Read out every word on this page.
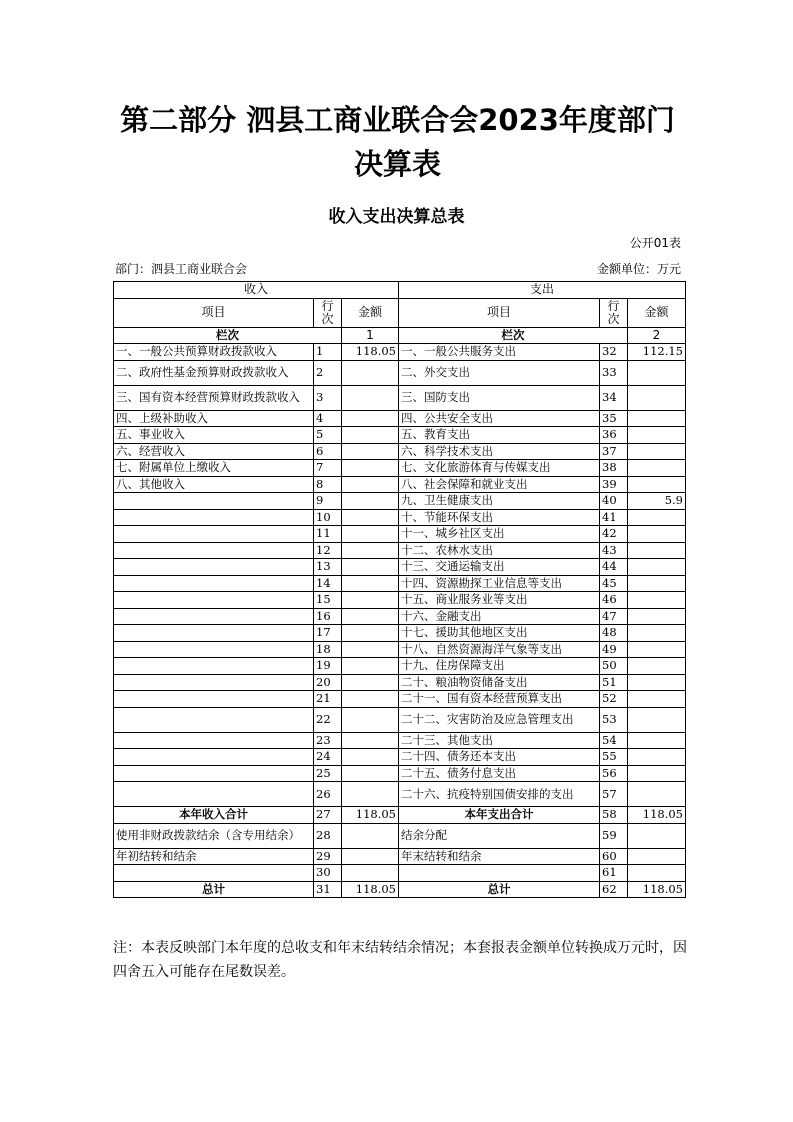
第二部分 泗县工商业联合会2023年度部门决算表
收入支出决算总表
公开01表
部门：泗县工商业联合会	金额单位：万元
收入			支出		
项目	行次	金额	项目	行次	金额
栏次		1	栏次		2
一、一般公共预算财政拨款收入	1	118.05	一、一般公共服务支出	32	112.15
二、政府性基金预算财政拨款收入	2		二、外交支出	33	
三、国有资本经营预算财政拨款收入	3		三、国防支出	34	
四、上级补助收入	4		四、公共安全支出	35	
五、事业收入	5		五、教育支出	36	
六、经营收入	6		六、科学技术支出	37	
七、附属单位上缴收入	7		七、文化旅游体育与传媒支出	38	
八、其他收入	8		八、社会保障和就业支出	39	
	9		九、卫生健康支出	40	5.9
	10		十、节能环保支出	41	
	11		十一、城乡社区支出	42	
	12		十二、农林水支出	43	
	13		十三、交通运输支出	44	
	14		十四、资源勘探工业信息等支出	45	
	15		十五、商业服务业等支出	46	
	16		十六、金融支出	47	
	17		十七、援助其他地区支出	48	
	18		十八、自然资源海洋气象等支出	49	
	19		十九、住房保障支出	50	
	20		二十、粮油物资储备支出	51	
	21		二十一、国有资本经营预算支出	52	
	22		二十二、灾害防治及应急管理支出	53	
	23		二十三、其他支出	54	
	24		二十四、债务还本支出	55	
	25		二十五、债务付息支出	56	
	26		二十六、抗疫特别国债安排的支出	57	
本年收入合计	27	118.05	本年支出合计	58	118.05
使用非财政拨款结余（含专用结余）	28		结余分配	59	
年初结转和结余	29		年末结转和结余	60	
	30			61	
总计	31	118.05	总计	62	118.05
注：本表反映部门本年度的总收支和年末结转结余情况；本套报表金额单位转换成万元时，因四舍五入可能存在尾数误差。
